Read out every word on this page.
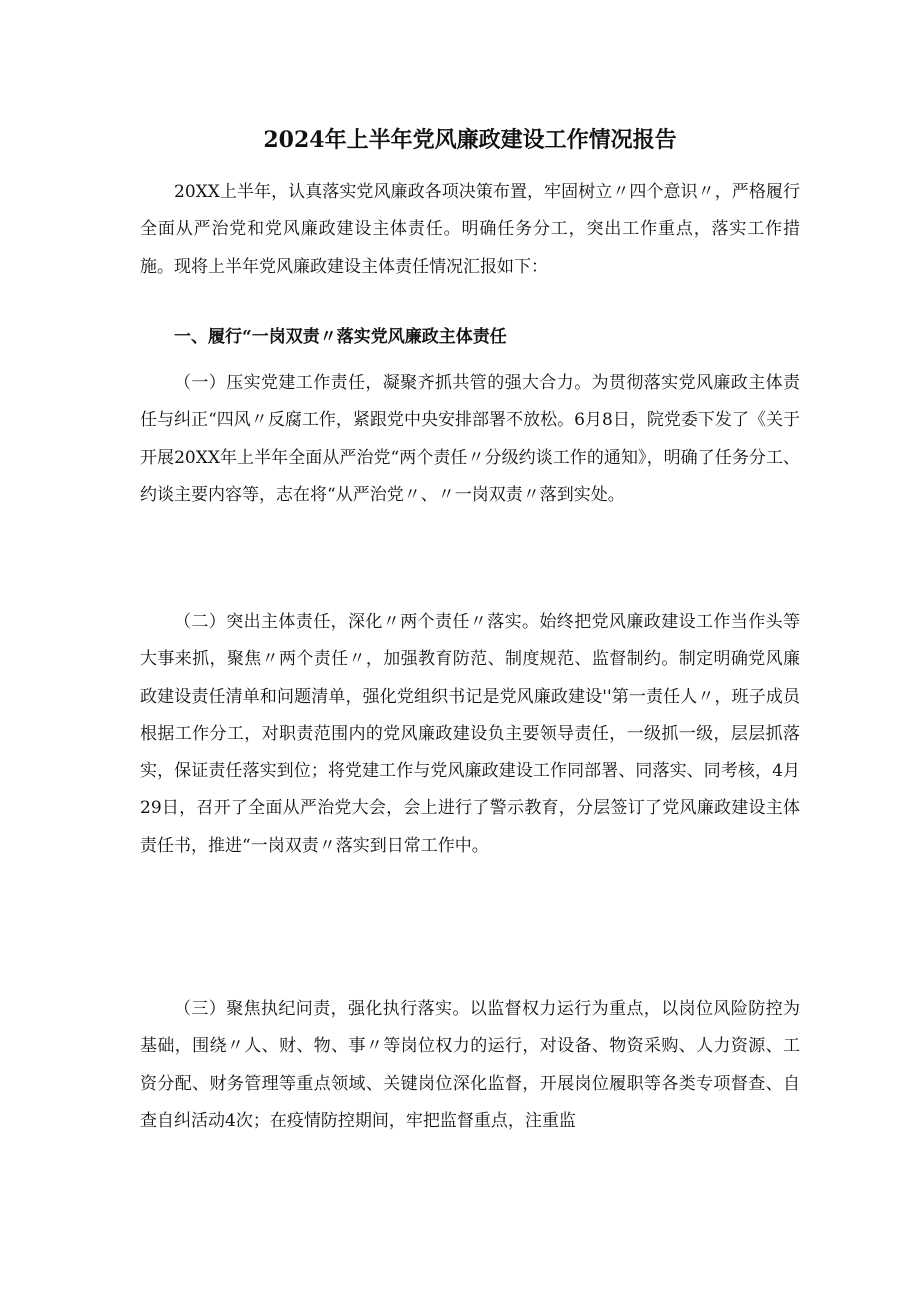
2024年上半年党风廉政建设工作情况报告

20XX上半年，认真落实党风廉政各项决策布置，牢固树立〃四个意识〃，严格履行全面从严治党和党风廉政建设主体责任。明确任务分工，突出工作重点，落实工作措施。现将上半年党风廉政建设主体责任情况汇报如下：

一、履行“一岗双责〃落实党风廉政主体责任

（一）压实党建工作责任，凝聚齐抓共管的强大合力。为贯彻落实党风廉政主体责任与纠正“四风〃反腐工作，紧跟党中央安排部署不放松。6月8日，院党委下发了《关于开展20XX年上半年全面从严治党“两个责任〃分级约谈工作的通知》，明确了任务分工、约谈主要内容等，志在将“从严治党〃、〃一岗双责〃落到实处。

（二）突出主体责任，深化〃两个责任〃落实。始终把党风廉政建设工作当作头等大事来抓，聚焦〃两个责任〃，加强教育防范、制度规范、监督制约。制定明确党风廉政建设责任清单和问题清单，强化党组织书记是党风廉政建设''第一责任人〃，班子成员根据工作分工，对职责范围内的党风廉政建设负主要领导责任，一级抓一级，层层抓落实，保证责任落实到位；将党建工作与党风廉政建设工作同部署、同落实、同考核，4月29日，召开了全面从严治党大会，会上进行了警示教育，分层签订了党风廉政建设主体责任书，推进“一岗双责〃落实到日常工作中。

（三）聚焦执纪问责，强化执行落实。以监督权力运行为重点，以岗位风险防控为基础，围绕〃人、财、物、事〃等岗位权力的运行，对设备、物资采购、人力资源、工资分配、财务管理等重点领域、关键岗位深化监督，开展岗位履职等各类专项督查、自查自纠活动4次；在疫情防控期间，牢把监督重点，注重监
